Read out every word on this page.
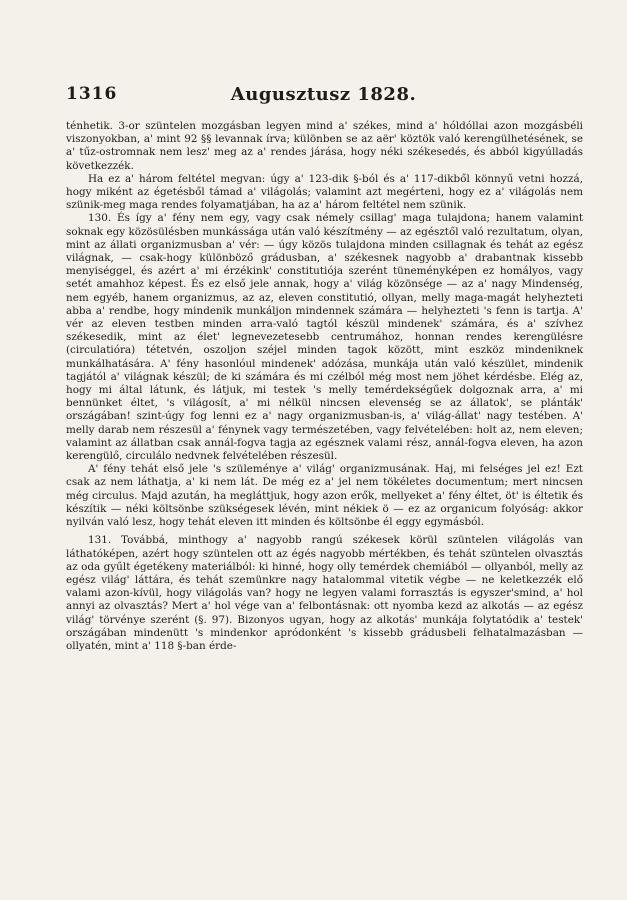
1316	Augusztusz 1828.

ténhetik. 3-or szüntelen mozgásban legyen mind a' székes, mind a' hóldóllai azon mozgásbéli viszonyokban, a' mint 92 §§ levannak írva; különben se az aër' köztök való kerengülhetésének, se a' tűz-ostromnak nem lesz' meg az a' rendes járása, hogy néki székesedés, és abból kigyúlladás következzék.

Ha ez a' három feltétel megvan: úgy a' 123-dik §-ból és a' 117-dikből könnyű vetni hozzá, hogy miként az égetésből támad a' világolás; valamint azt megérteni, hogy ez a' világolás nem szünik-meg maga rendes folyamatjában, ha az a' három feltétel nem szünik.

130. És így a' fény nem egy, vagy csak némely csillag' maga tulajdona; hanem valamint soknak egy közösülésben munkássága után való készítmény — az egésztől való rezultatum, olyan, mint az állati organizmusban a' vér: — úgy közös tulajdona minden csillagnak és tehát az egész világnak, — csak-hogy különböző grádusban, a' székesnek nagyobb a' drabantnak kissebb menyiséggel, és azért a' mi érzékink' constitutiója szerént tüneményképen ez homályos, vagy setét amahhoz képest. És ez első jele annak, hogy a' világ közönsége — az a' nagy Mindenség, nem egyéb, hanem organizmus, az az, eleven constitutió, ollyan, melly maga-magát helyhezteti abba a' rendbe, hogy mindenik munkáljon mindennek számára — helyhezteti 's fenn is tartja. A' vér az eleven testben minden arra-való tagtól készül mindenek' számára, és a' szívhez székesedik, mint az élet' legnevezetesebb centrumához, honnan rendes kerengülésre (circulatióra) tétetvén, oszoljon széjel minden tagok között, mint eszköz mindeniknek munkálhatására. A' fény hasonlóul mindenek' adózása, munkája után való készület, mindenik tagjától a' világnak készül; de ki számára és mi czélból még most nem jöhet kérdésbe. Elég az, hogy mi által látunk, és látjuk, mi testek 's melly temérdekségűek dolgoznak arra, a' mi bennünket éltet, 's világosít, a' mi nélkül nincsen elevenség se az állatok', se plánták' országában! szint-úgy fog lenni ez a' nagy organizmusban-is, a' világ-állat' nagy testében. A' melly darab nem részesül a' fénynek vagy természetében, vagy felvételében: holt az, nem eleven; valamint az állatban csak annál-fogva tagja az egésznek valami rész, annál-fogva eleven, ha azon kerengülő, circulálo nedvnek felvételében részesül.

A' fény tehát első jele 's szüleménye a' világ' organizmusának. Haj, mi felséges jel ez! Ezt csak az nem láthatja, a' ki nem lát. De még ez a' jel nem tökéletes documentum; mert nincsen még circulus. Majd azután, ha megláttjuk, hogy azon erők, mellyeket a' fény éltet, öt' is éltetik és készítik — néki költsönbe szükségesek lévén, mint nékiek ö — ez az organicum folyóság: akkor nyilván való lesz, hogy tehát eleven itt minden és költsönbe él eggy egymásból.

131. Továbbá, minthogy a' nagyobb rangú székesek körül szüntelen világolás van láthatóképen, azért hogy szüntelen ott az égés nagyobb mértékben, és tehát szüntelen olvasztás az oda gyűlt égetékeny materiálból: ki hinné, hogy olly temérdek chemiából — ollyanból, melly az egész világ' láttára, és tehát szemünkre nagy hatalommal vitetik végbe — ne keletkezzék elő valami azon-kívül, hogy világolás van? hogy ne legyen valami forrasztás is egyszer'smind, a' hol annyi az olvasztás? Mert a' hol vége van a' felbontásnak: ott nyomba kezd az alkotás — az egész világ' törvénye szerént (§. 97). Bizonyos ugyan, hogy az alkotás' munkája folytatódik a' testek' országában mindenütt 's mindenkor apródonként 's kissebb grádusbeli felhatalmazásban — ollyatén, mint a' 118 §-ban érde-
